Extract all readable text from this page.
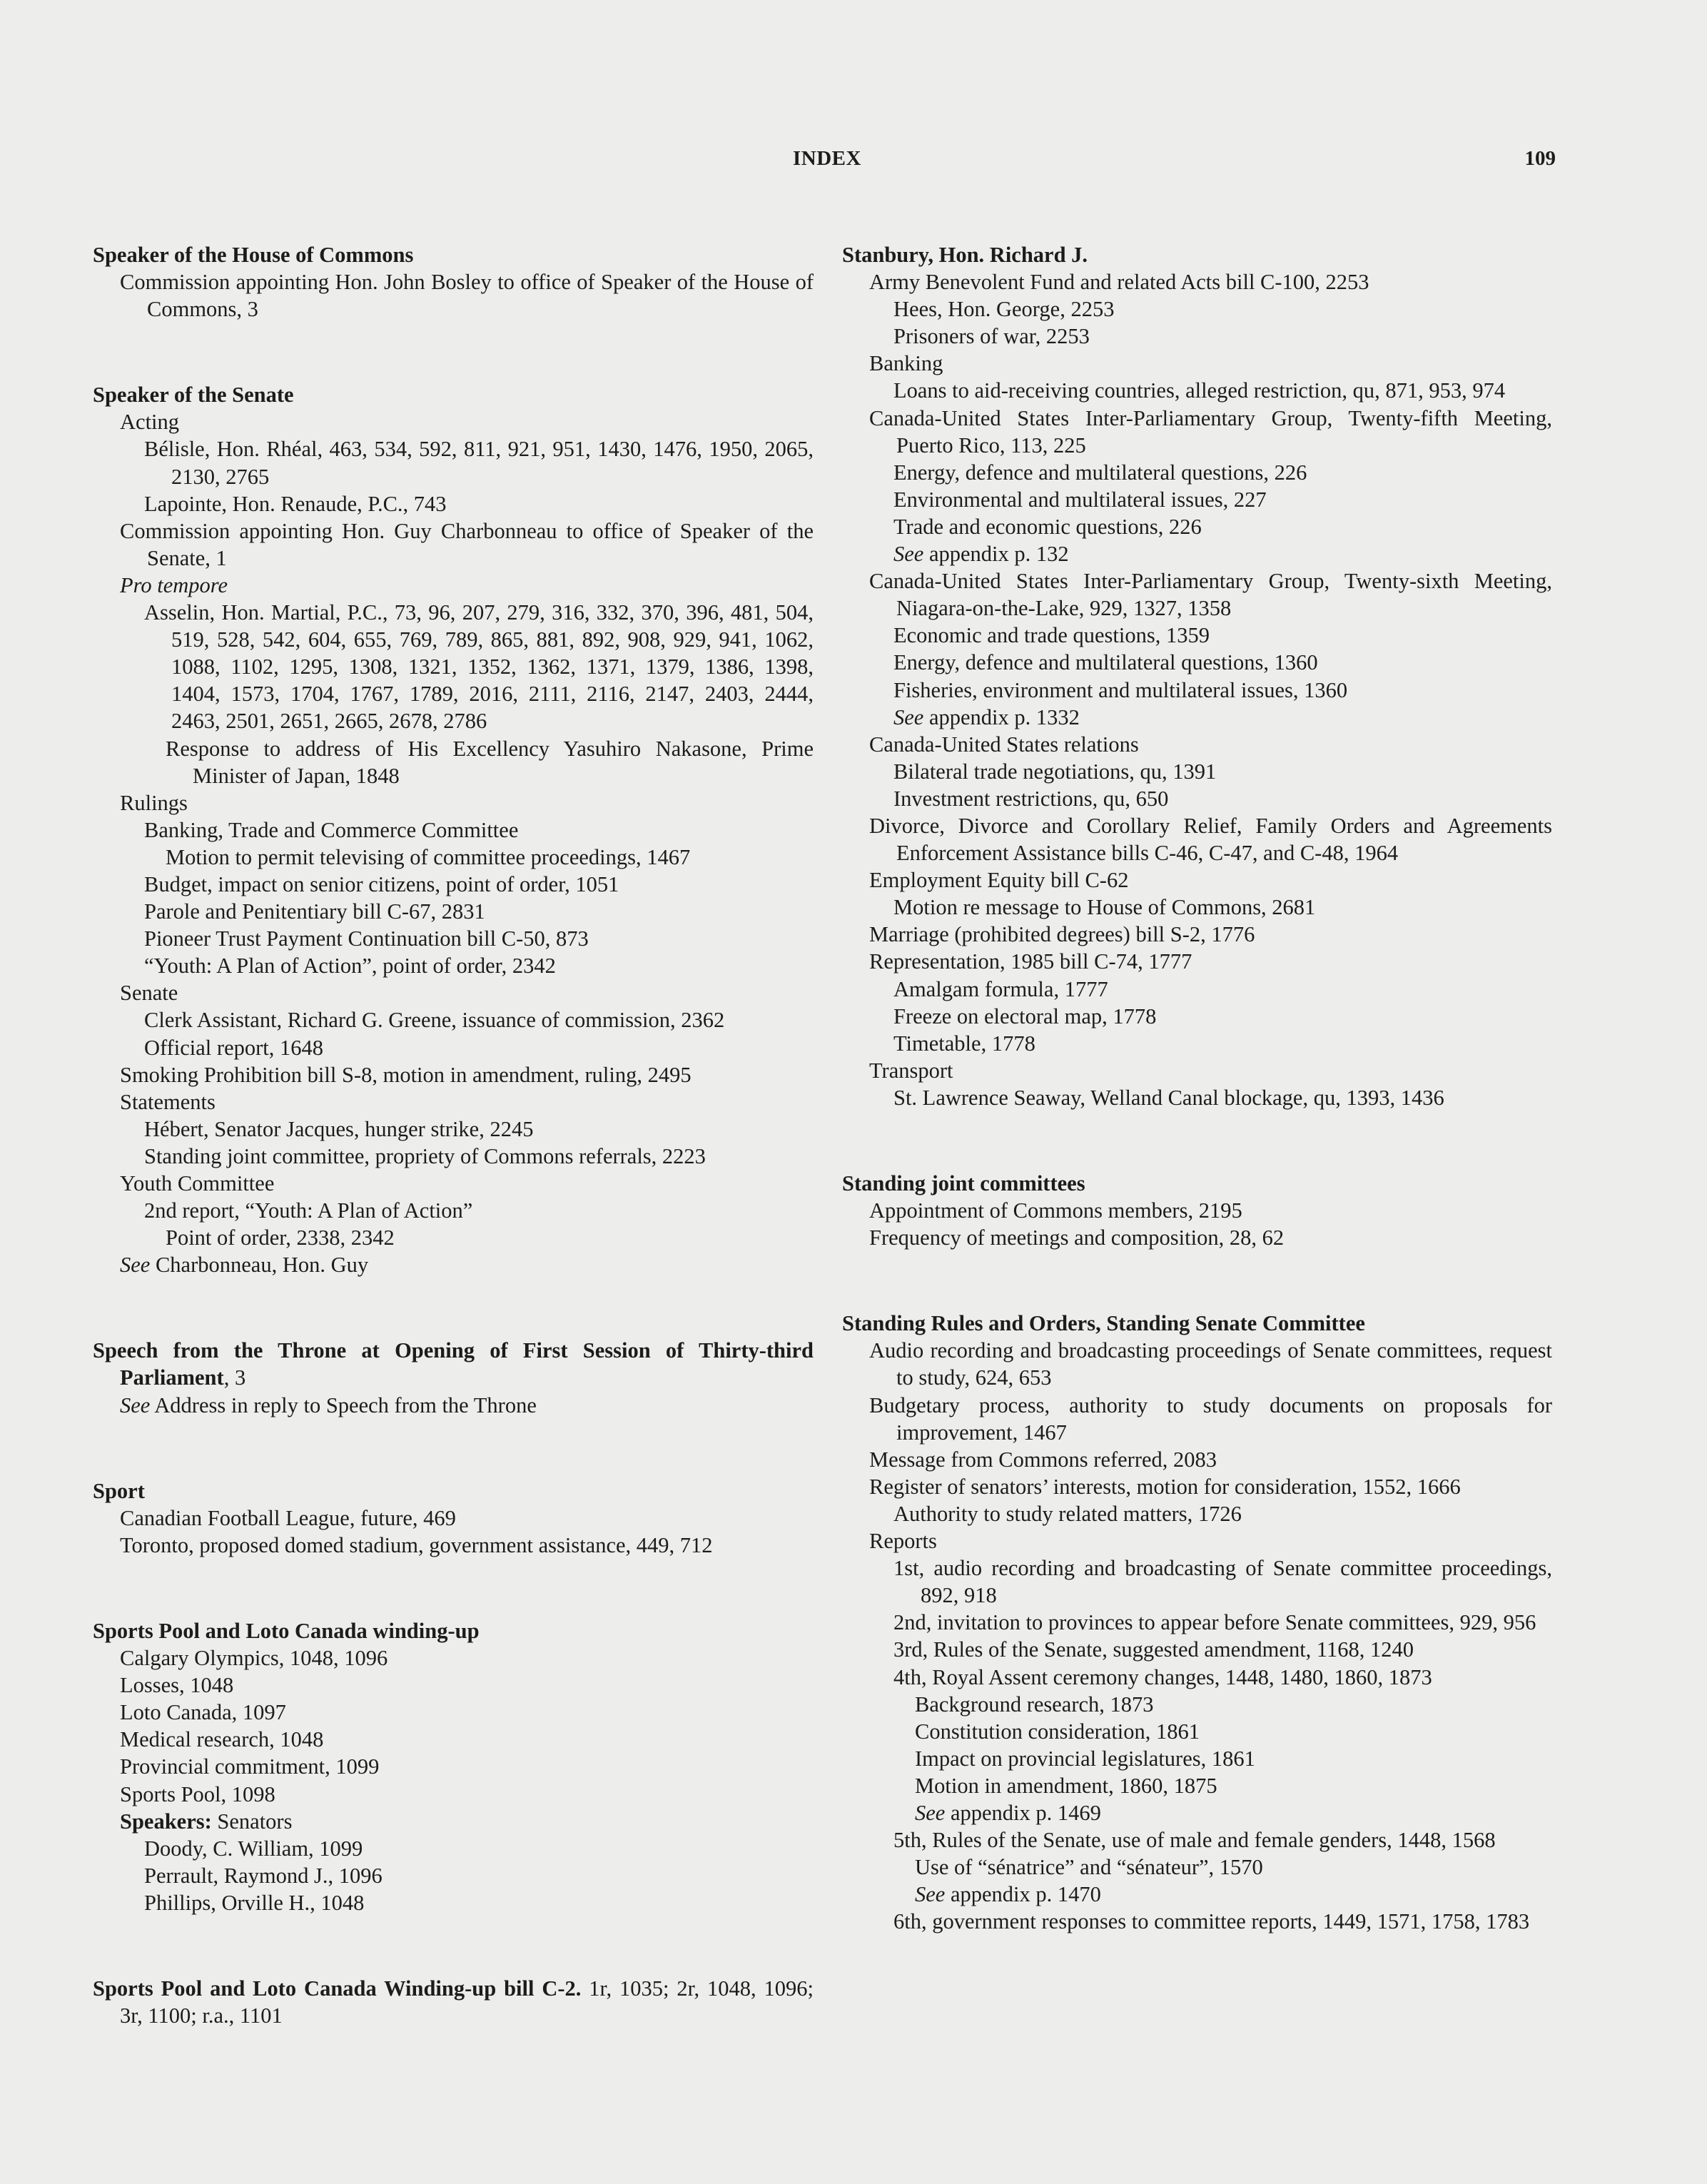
INDEX	109
Speaker of the House of Commons
Commission appointing Hon. John Bosley to office of Speaker of the House of Commons, 3
Speaker of the Senate
Acting
Bélisle, Hon. Rhéal, 463, 534, 592, 811, 921, 951, 1430, 1476, 1950, 2065, 2130, 2765
Lapointe, Hon. Renaude, P.C., 743
Commission appointing Hon. Guy Charbonneau to office of Speaker of the Senate, 1
Pro tempore
Asselin, Hon. Martial, P.C., 73, 96, 207, 279, 316, 332, 370, 396, 481, 504, 519, 528, 542, 604, 655, 769, 789, 865, 881, 892, 908, 929, 941, 1062, 1088, 1102, 1295, 1308, 1321, 1352, 1362, 1371, 1379, 1386, 1398, 1404, 1573, 1704, 1767, 1789, 2016, 2111, 2116, 2147, 2403, 2444, 2463, 2501, 2651, 2665, 2678, 2786
Response to address of His Excellency Yasuhiro Nakasone, Prime Minister of Japan, 1848
Rulings
Banking, Trade and Commerce Committee
Motion to permit televising of committee proceedings, 1467
Budget, impact on senior citizens, point of order, 1051
Parole and Penitentiary bill C-67, 2831
Pioneer Trust Payment Continuation bill C-50, 873
“Youth: A Plan of Action”, point of order, 2342
Senate
Clerk Assistant, Richard G. Greene, issuance of commission, 2362
Official report, 1648
Smoking Prohibition bill S-8, motion in amendment, ruling, 2495
Statements
Hébert, Senator Jacques, hunger strike, 2245
Standing joint committee, propriety of Commons referrals, 2223
Youth Committee
2nd report, “Youth: A Plan of Action”
Point of order, 2338, 2342
See Charbonneau, Hon. Guy
Speech from the Throne at Opening of First Session of Thirty-third Parliament, 3
See Address in reply to Speech from the Throne
Sport
Canadian Football League, future, 469
Toronto, proposed domed stadium, government assistance, 449, 712
Sports Pool and Loto Canada winding-up
Calgary Olympics, 1048, 1096
Losses, 1048
Loto Canada, 1097
Medical research, 1048
Provincial commitment, 1099
Sports Pool, 1098
Speakers: Senators
Doody, C. William, 1099
Perrault, Raymond J., 1096
Phillips, Orville H., 1048
Sports Pool and Loto Canada Winding-up bill C-2. 1r, 1035; 2r, 1048, 1096; 3r, 1100; r.a., 1101
Stanbury, Hon. Richard J.
Army Benevolent Fund and related Acts bill C-100, 2253
Hees, Hon. George, 2253
Prisoners of war, 2253
Banking
Loans to aid-receiving countries, alleged restriction, qu, 871, 953, 974
Canada-United States Inter-Parliamentary Group, Twenty-fifth Meeting, Puerto Rico, 113, 225
Energy, defence and multilateral questions, 226
Environmental and multilateral issues, 227
Trade and economic questions, 226
See appendix p. 132
Canada-United States Inter-Parliamentary Group, Twenty-sixth Meeting, Niagara-on-the-Lake, 929, 1327, 1358
Economic and trade questions, 1359
Energy, defence and multilateral questions, 1360
Fisheries, environment and multilateral issues, 1360
See appendix p. 1332
Canada-United States relations
Bilateral trade negotiations, qu, 1391
Investment restrictions, qu, 650
Divorce, Divorce and Corollary Relief, Family Orders and Agreements Enforcement Assistance bills C-46, C-47, and C-48, 1964
Employment Equity bill C-62
Motion re message to House of Commons, 2681
Marriage (prohibited degrees) bill S-2, 1776
Representation, 1985 bill C-74, 1777
Amalgam formula, 1777
Freeze on electoral map, 1778
Timetable, 1778
Transport
St. Lawrence Seaway, Welland Canal blockage, qu, 1393, 1436
Standing joint committees
Appointment of Commons members, 2195
Frequency of meetings and composition, 28, 62
Standing Rules and Orders, Standing Senate Committee
Audio recording and broadcasting proceedings of Senate committees, request to study, 624, 653
Budgetary process, authority to study documents on proposals for improvement, 1467
Message from Commons referred, 2083
Register of senators’ interests, motion for consideration, 1552, 1666
Authority to study related matters, 1726
Reports
1st, audio recording and broadcasting of Senate committee proceedings, 892, 918
2nd, invitation to provinces to appear before Senate committees, 929, 956
3rd, Rules of the Senate, suggested amendment, 1168, 1240
4th, Royal Assent ceremony changes, 1448, 1480, 1860, 1873
Background research, 1873
Constitution consideration, 1861
Impact on provincial legislatures, 1861
Motion in amendment, 1860, 1875
See appendix p. 1469
5th, Rules of the Senate, use of male and female genders, 1448, 1568
Use of “sénatrice” and “sénateur”, 1570
See appendix p. 1470
6th, government responses to committee reports, 1449, 1571, 1758, 1783
